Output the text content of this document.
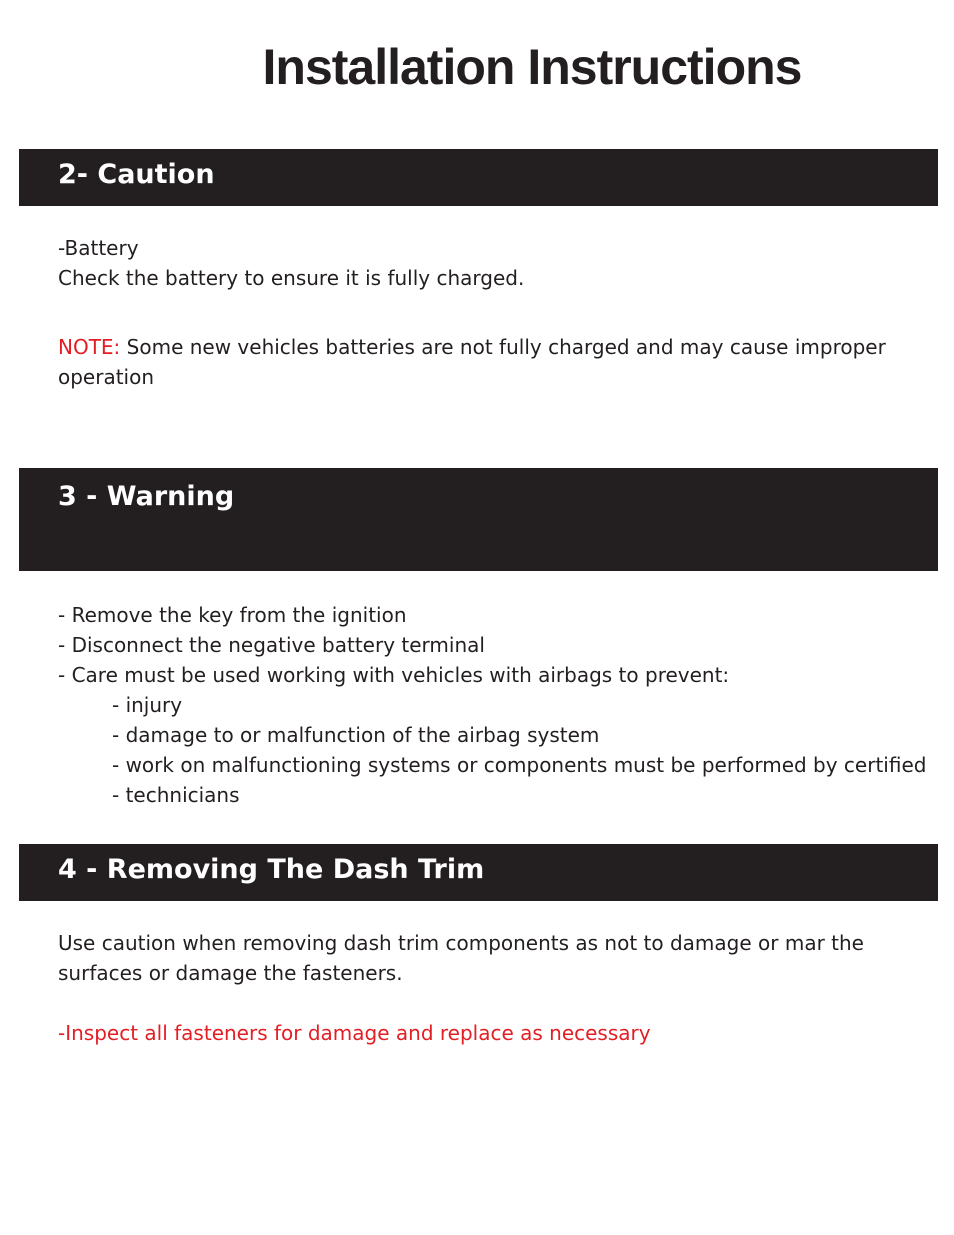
Installation Instructions
2- Caution
-Battery
Check the battery to ensure it is fully charged.
NOTE: Some new vehicles batteries are not fully charged and may cause improper
operation
3 - Warning
- Remove the key from the ignition
- Disconnect the negative battery terminal
- Care must be used working with vehicles with airbags to prevent:
- injury
- damage to or malfunction of the airbag system
- work on malfunctioning systems or components must be performed by certified
- technicians
4 - Removing The Dash Trim
Use caution when removing dash trim components as not to damage or mar the
surfaces or damage the fasteners.
-Inspect all fasteners for damage and replace as necessary
